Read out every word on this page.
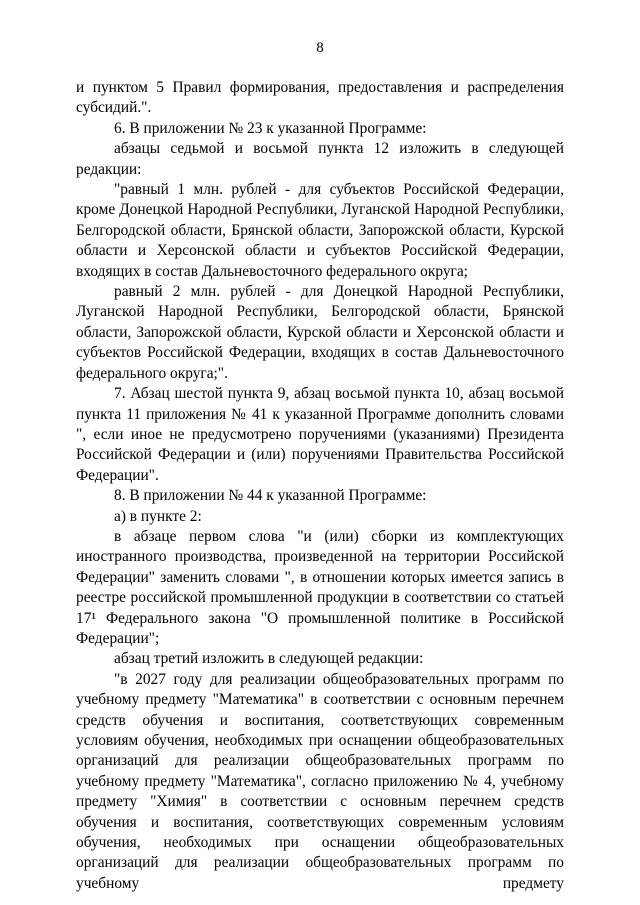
8

и пунктом 5 Правил формирования, предоставления и распределения субсидий.".

6. В приложении № 23 к указанной Программе:

абзацы седьмой и восьмой пункта 12 изложить в следующей редакции:

"равный 1 млн. рублей - для субъектов Российской Федерации, кроме Донецкой Народной Республики, Луганской Народной Республики, Белгородской области, Брянской области, Запорожской области, Курской области и Херсонской области и субъектов Российской Федерации, входящих в состав Дальневосточного федерального округа;

равный 2 млн. рублей - для Донецкой Народной Республики, Луганской Народной Республики, Белгородской области, Брянской области, Запорожской области, Курской области и Херсонской области и субъектов Российской Федерации, входящих в состав Дальневосточного федерального округа;".

7. Абзац шестой пункта 9, абзац восьмой пункта 10, абзац восьмой пункта 11 приложения № 41 к указанной Программе дополнить словами ", если иное не предусмотрено поручениями (указаниями) Президента Российской Федерации и (или) поручениями Правительства Российской Федерации".

8. В приложении № 44 к указанной Программе:

а) в пункте 2:

в абзаце первом слова "и (или) сборки из комплектующих иностранного производства, произведенной на территории Российской Федерации" заменить словами ", в отношении которых имеется запись в реестре российской промышленной продукции в соответствии со статьей 17¹ Федерального закона "О промышленной политике в Российской Федерации";

абзац третий изложить в следующей редакции:

"в 2027 году для реализации общеобразовательных программ по учебному предмету "Математика" в соответствии с основным перечнем средств обучения и воспитания, соответствующих современным условиям обучения, необходимых при оснащении общеобразовательных организаций для реализации общеобразовательных программ по учебному предмету "Математика", согласно приложению № 4, учебному предмету "Химия" в соответствии с основным перечнем средств обучения и воспитания, соответствующих современным условиям обучения, необходимых при оснащении общеобразовательных организаций для реализации общеобразовательных программ по учебному предмету
